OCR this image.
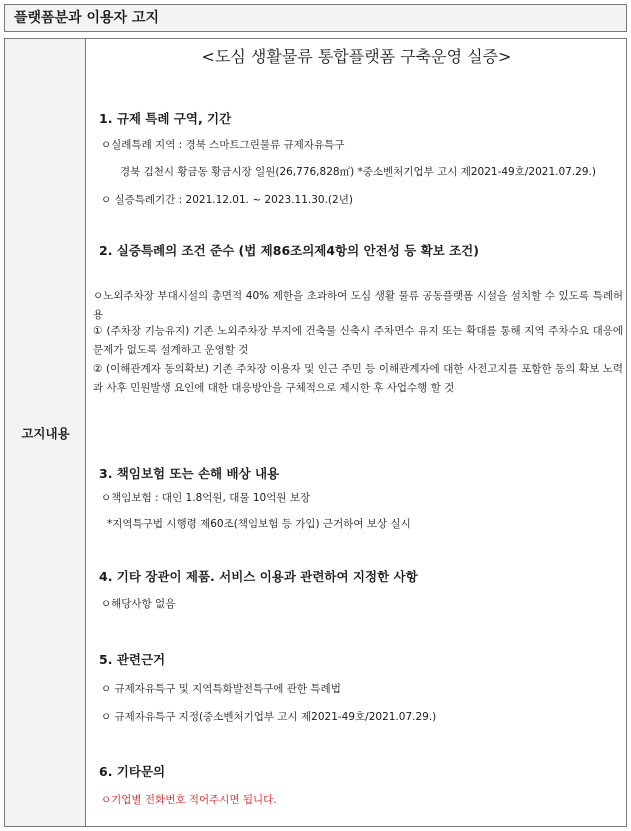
플랫폼분과 이용자 고지
고지내용
<도심 생활물류 통합플랫폼 구축운영 실증>
1. 규제 특례 구역, 기간
ㅇ실례특례 지역 : 경북 스마트그린물류 규제자유특구
경북 김천시 황금동 황금시장 일원(26,776,828㎡) *중소벤처기업부 고시 제2021-49호/2021.07.29.)
ㅇ 실증특례기간 : 2021.12.01. ~ 2023.11.30.(2년)
2. 실증특례의 조건 준수 (법 제86조의제4항의 안전성 등 확보 조건)
ㅇ노외주차장 부대시설의 총면적 40% 제한을 초과하여 도심 생활 물류 공동플랫폼 시설을 설치할 수 있도록 특례허용
① (주차장 기능유지) 기존 노외주차장 부지에 건축물 신축시 주차면수 유지 또는 확대를 통해 지역 주차수요 대응에 문제가 없도록 설계하고 운영할 것
② (이해관계자 동의확보) 기존 주차장 이용자 및 인근 주민 등 이해관계자에 대한 사전고지를 포함한 동의 확보 노력과 사후 민원발생 요인에 대한 대응방안을 구체적으로 제시한 후 사업수행 할 것
3. 책임보험 또는 손해 배상 내용
ㅇ책임보험 : 대인 1.8억원, 대물 10억원 보장
*지역특구법 시행령 제60조(책임보험 등 가입) 근거하여 보상 실시
4. 기타 장관이 제품. 서비스 이용과 관련하여 지정한 사항
ㅇ해당사항 없음
5. 관련근거
ㅇ 규제자유특구 및 지역특화발전특구에 관한 특례법
ㅇ 규제자유특구 지정(중소벤처기업부 고시 제2021-49호/2021.07.29.)
6. 기타문의
ㅇ기업별 전화번호 적어주시면 됩니다.
